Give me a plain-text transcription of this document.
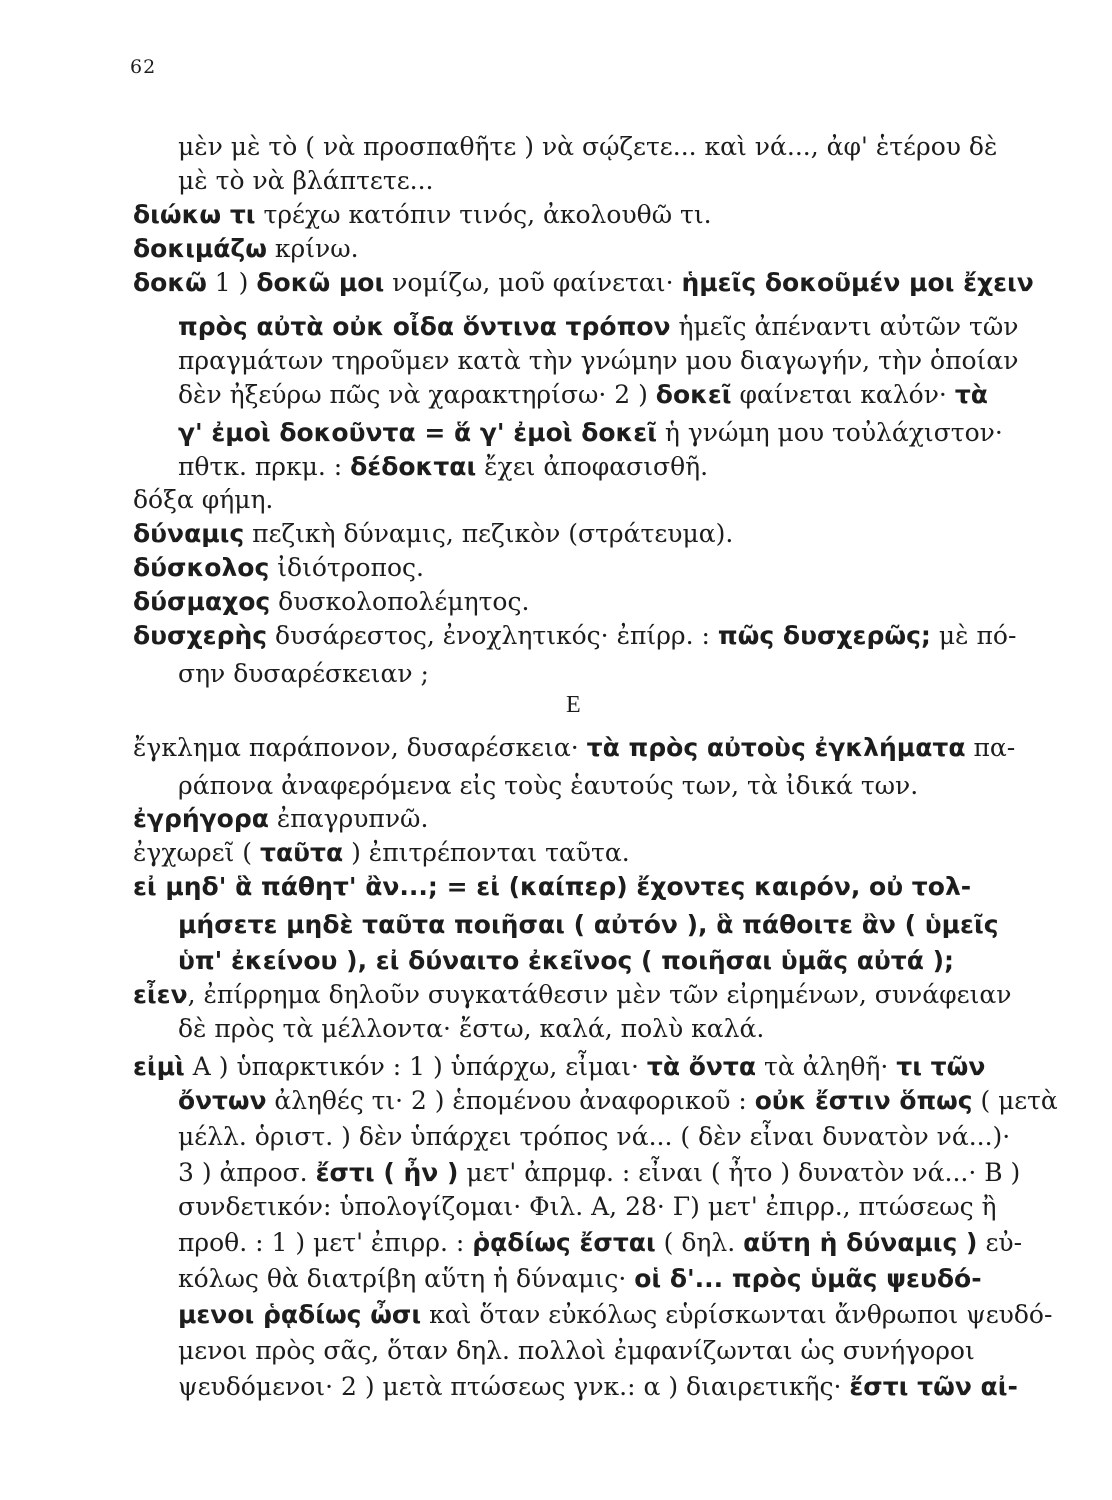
62
Ε
μὲν μὲ τὸ ( νὰ προσπαθῆτε ) νὰ σῴζετε... καὶ νά..., ἀφ' ἑτέρου δὲ
μὲ τὸ νὰ βλάπτετε...
διώκω τι τρέχω κατόπιν τινός, ἀκολουθῶ τι.
δοκιμάζω κρίνω.
δοκῶ 1 ) δοκῶ μοι νομίζω, μοῦ φαίνεται· ἡμεῖς δοκοῦμέν μοι ἔχειν
πρὸς αὐτὰ οὐκ οἶδα ὅντινα τρόπον ἡμεῖς ἀπέναντι αὐτῶν τῶν
πραγμάτων τηροῦμεν κατὰ τὴν γνώμην μου διαγωγήν, τὴν ὁποίαν
δὲν ἠξεύρω πῶς νὰ χαρακτηρίσω· 2 ) δοκεῖ φαίνεται καλόν· τὰ
γ' ἐμοὶ δοκοῦντα = ἅ γ' ἐμοὶ δοκεῖ ἡ γνώμη μου τοὐλάχιστον·
πθτκ. πρκμ. : δέδοκται ἔχει ἀποφασισθῆ.
δόξα φήμη.
δύναμις πεζικὴ δύναμις, πεζικὸν (στράτευμα).
δύσκολος ἰδιότροπος.
δύσμαχος δυσκολοπολέμητος.
δυσχερὴς δυσάρεστος, ἐνοχλητικός· ἐπίρρ. : πῶς δυσχερῶς; μὲ πό-
σην δυσαρέσκειαν ;
ἔγκλημα παράπονον, δυσαρέσκεια· τὰ πρὸς αὐτοὺς ἐγκλήματα πα-
ράπονα ἀναφερόμενα εἰς τοὺς ἑαυτούς των, τὰ ἰδικά των.
ἐγρήγορα ἐπαγρυπνῶ.
ἐγχωρεῖ ( ταῦτα ) ἐπιτρέπονται ταῦτα.
εἰ μηδ' ἃ πάθητ' ἂν...; = εἰ (καίπερ) ἔχοντες καιρόν, οὐ τολ-
μήσετε μηδὲ ταῦτα ποιῆσαι ( αὐτόν ), ἃ πάθοιτε ἂν ( ὑμεῖς
ὑπ' ἐκείνου ), εἰ δύναιτο ἐκεῖνος ( ποιῆσαι ὑμᾶς αὐτά );
εἶεν, ἐπίρρημα δηλοῦν συγκατάθεσιν μὲν τῶν εἰρημένων, συνάφειαν
δὲ πρὸς τὰ μέλλοντα· ἔστω, καλά, πολὺ καλά.
εἰμὶ Α ) ὑπαρκτικόν : 1 ) ὑπάρχω, εἶμαι· τὰ ὄντα τὰ ἀληθῆ· τι τῶν
ὄντων ἀληθές τι· 2 ) ἑπομένου ἀναφορικοῦ : οὐκ ἔστιν ὅπως ( μετὰ
μέλλ. ὁριστ. ) δὲν ὑπάρχει τρόπος νά... ( δὲν εἶναι δυνατὸν νά...)·
3 ) ἀπροσ. ἔστι ( ἦν ) μετ' ἀπρμφ. : εἶναι ( ἦτο ) δυνατὸν νά...· Β )
συνδετικόν: ὑπολογίζομαι· Φιλ. Α, 28· Γ) μετ' ἐπιρρ., πτώσεως ἢ
προθ. : 1 ) μετ' ἐπιρρ. : ῥᾳδίως ἔσται ( δηλ. αὕτη ἡ δύναμις ) εὐ-
κόλως θὰ διατρίβη αὕτη ἡ δύναμις· οἱ δ'... πρὸς ὑμᾶς ψευδό-
μενοι ῥᾳδίως ὦσι καὶ ὅταν εὐκόλως εὑρίσκωνται ἄνθρωποι ψευδό-
μενοι πρὸς σᾶς, ὅταν δηλ. πολλοὶ ἐμφανίζωνται ὡς συνήγοροι
ψευδόμενοι· 2 ) μετὰ πτώσεως γνκ.: α ) διαιρετικῆς· ἔστι τῶν αἰ-
